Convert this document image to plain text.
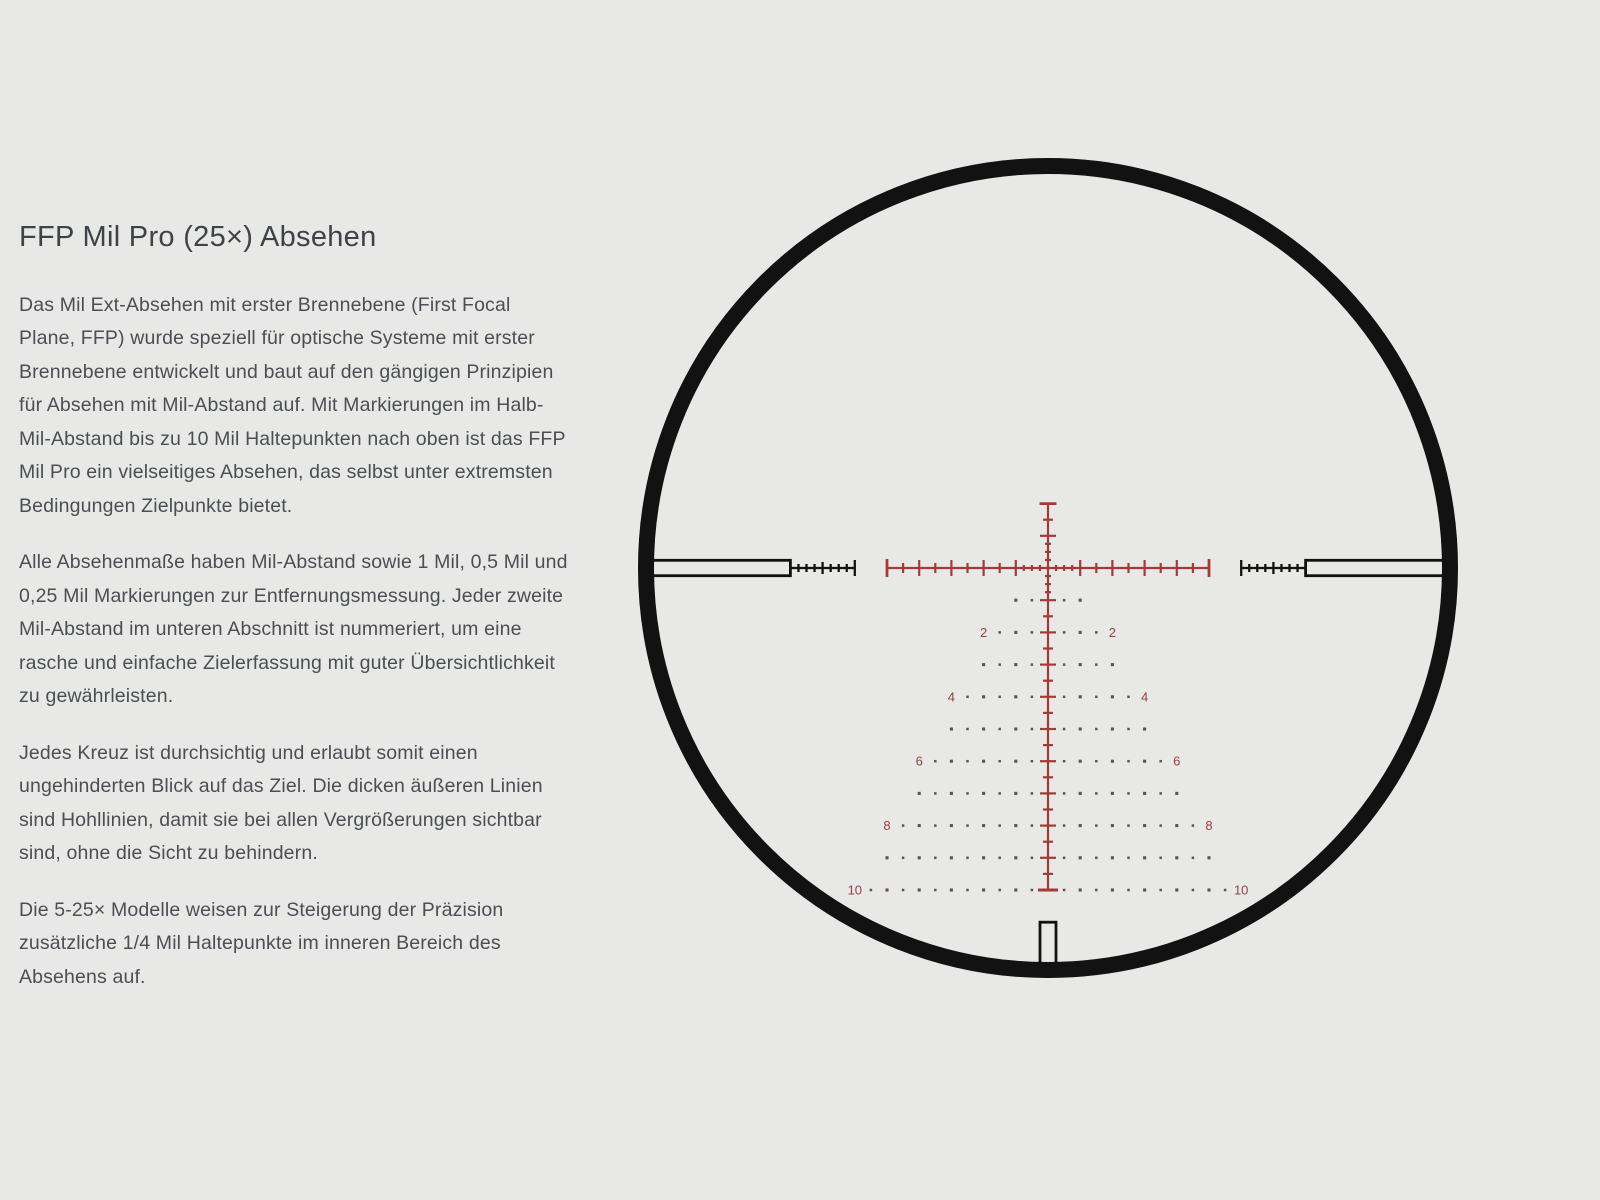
FFP Mil Pro (25×) Absehen

Das Mil Ext-Absehen mit erster Brennebene (First Focal Plane, FFP) wurde speziell für optische Systeme mit erster Brennebene entwickelt und baut auf den gängigen Prinzipien für Absehen mit Mil-Abstand auf. Mit Markierungen im Halb-Mil-Abstand bis zu 10 Mil Haltepunkten nach oben ist das FFP Mil Pro ein vielseitiges Absehen, das selbst unter extremsten Bedingungen Zielpunkte bietet.

Alle Absehenmaße haben Mil-Abstand sowie 1 Mil, 0,5 Mil und 0,25 Mil Markierungen zur Entfernungsmessung. Jeder zweite Mil-Abstand im unteren Abschnitt ist nummeriert, um eine rasche und einfache Zielerfassung mit guter Übersichtlichkeit zu gewährleisten.

Jedes Kreuz ist durchsichtig und erlaubt somit einen ungehinderten Blick auf das Ziel. Die dicken äußeren Linien sind Hohllinien, damit sie bei allen Vergrößerungen sichtbar sind, ohne die Sicht zu behindern.

Die 5-25× Modelle weisen zur Steigerung der Präzision zusätzliche 1/4 Mil Haltepunkte im inneren Bereich des Absehens auf.

2	2
4	4
6	6
8	8
10	10
